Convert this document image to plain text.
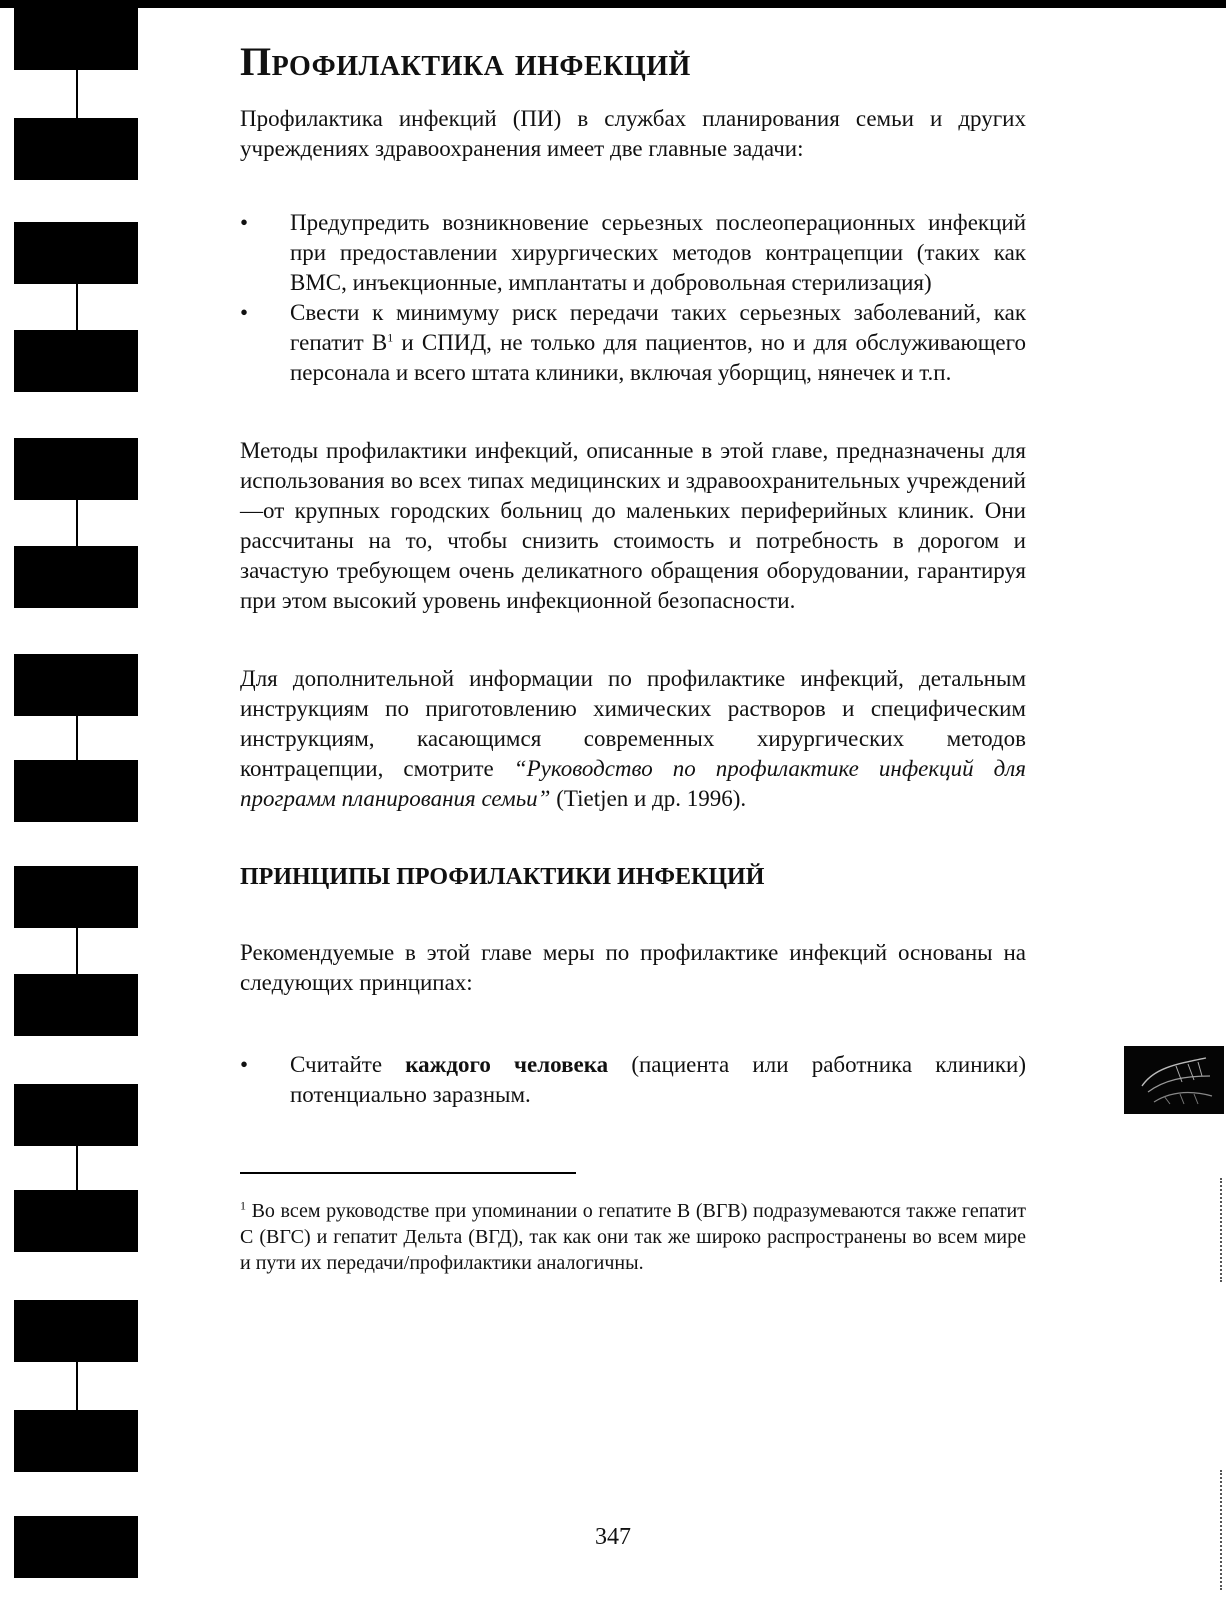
Профилактика инфекций

Профилактика инфекций (ПИ) в службах планирования семьи и других учреждениях здравоохранения имеет две главные задачи:

•	Предупредить возникновение серьезных послеоперационных инфекций при предоставлении хирургических методов контрацепции (таких как ВМС, инъекционные, имплантаты и добровольная стерилизация)
•	Свести к минимуму риск передачи таких серьезных заболеваний, как гепатит $В^1$ и СПИД, не только для пациентов, но и для обслуживающего персонала и всего штата клиники, включая уборщиц, нянечек и т.п.

Методы профилактики инфекций, описанные в этой главе, предназначены для использования во всех типах медицинских и здравоохранительных учреждений—от крупных городских больниц до маленьких периферийных клиник. Они рассчитаны на то, чтобы снизить стоимость и потребность в дорогом и зачастую требующем очень деликатного обращения оборудовании, гарантируя при этом высокий уровень инфекционной безопасности.

Для дополнительной информации по профилактике инфекций, детальным инструкциям по приготовлению химических растворов и специфическим инструкциям, касающимся современных хирургических методов контрацепции, смотрите “Руководство по профилактике инфекций для программ планирования семьи” (Tietjen и др. 1996).

ПРИНЦИПЫ ПРОФИЛАКТИКИ ИНФЕКЦИЙ

Рекомендуемые в этой главе меры по профилактике инфекций основаны на следующих принципах:

•	Считайте каждого человека (пациента или работника клиники) потенциально заразным.

$^1$ Во всем руководстве при упоминании о гепатите В (ВГВ) подразумеваются также гепатит С (ВГС) и гепатит Дельта (ВГД), так как они так же широко распространены во всем мире и пути их передачи/профилактики аналогичны.

347
